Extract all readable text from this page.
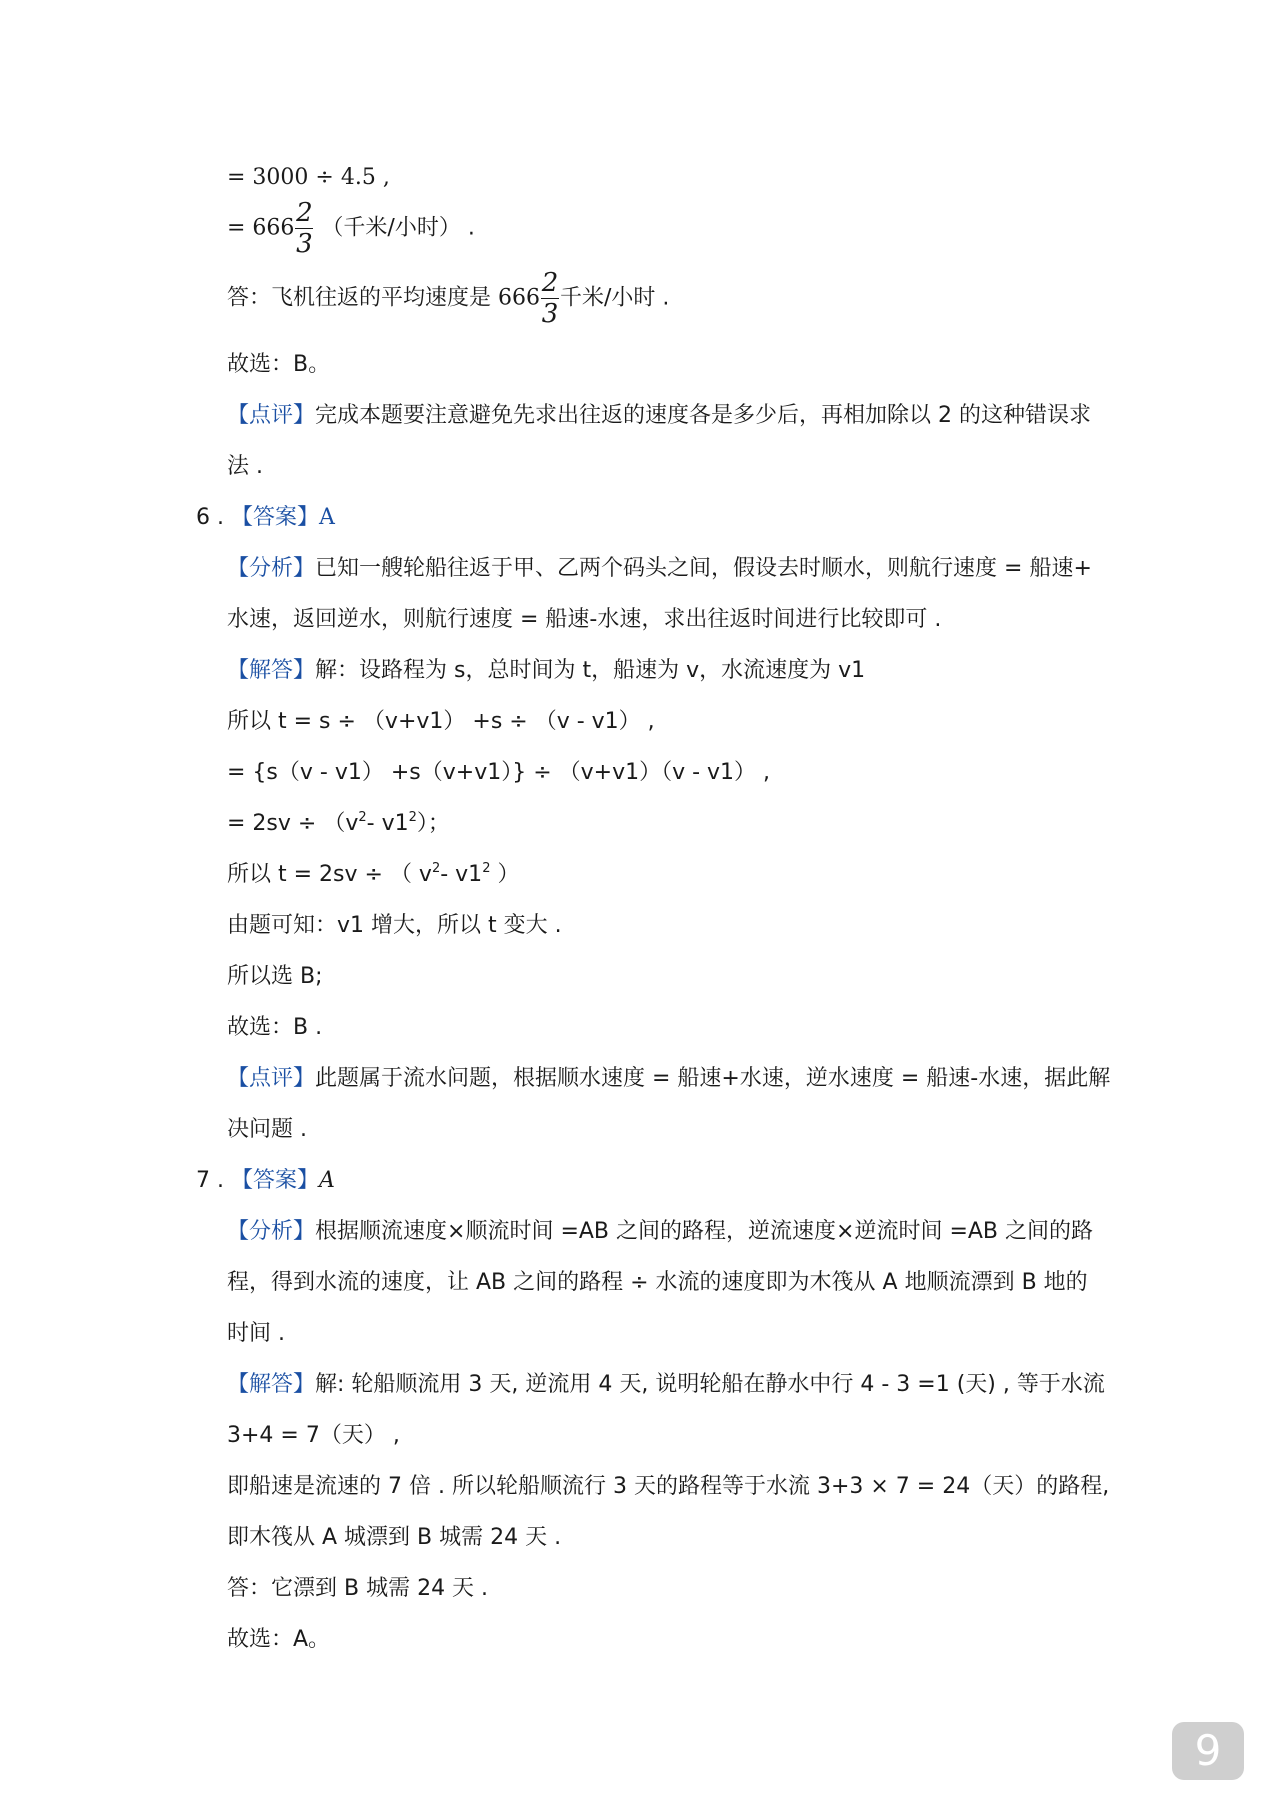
= 3000 ÷ 4.5 ,
= $666 \frac{2}{3}$ （千米/小时） .
答：飞机往返的平均速度是 $666 \frac{2}{3}$ 千米/小时 .
故选：B。
【点评】完成本题要注意避免先求出往返的速度各是多少后，再相加除以 2 的这种错误求
法 .
6 . 【答案】A
【分析】已知一艘轮船往返于甲、乙两个码头之间，假设去时顺水，则航行速度 = 船速+
水速，返回逆水，则航行速度 = 船速-水速，求出往返时间进行比较即可 .
【解答】解：设路程为 s，总时间为 t，船速为 v，水流速度为 v1
所以 t = s ÷ （v+v1） +s ÷ （v - v1） ,
= {s（v - v1） +s（v+v1）} ÷ （v+v1）（v - v1） ,
= $2sv \div (v^2-$ $v1^2$）；
所以 t = 2sv ÷ （ $v^2-$ $v1^2$ ）
由题可知：v1 增大，所以 t 变大 .
所以选 B;
故选：B .
【点评】此题属于流水问题，根据顺水速度 = 船速+水速，逆水速度 = 船速-水速，据此解
决问题 .
7 . 【答案】A
【分析】根据顺流速度×顺流时间 =AB 之间的路程，逆流速度×逆流时间 =AB 之间的路
程，得到水流的速度，让 AB 之间的路程 ÷ 水流的速度即为木筏从 A 地顺流漂到 B 地的
时间 .
【解答】解: 轮船顺流用 3 天, 逆流用 4 天, 说明轮船在静水中行 4 - 3 =1 (天) , 等于水流
3+4 = 7（天） ,
即船速是流速的 7 倍 . 所以轮船顺流行 3 天的路程等于水流 3+3 × 7 = 24（天）的路程,
即木筏从 A 城漂到 B 城需 24 天 .
答：它漂到 B 城需 24 天 .
故选：A。
9
